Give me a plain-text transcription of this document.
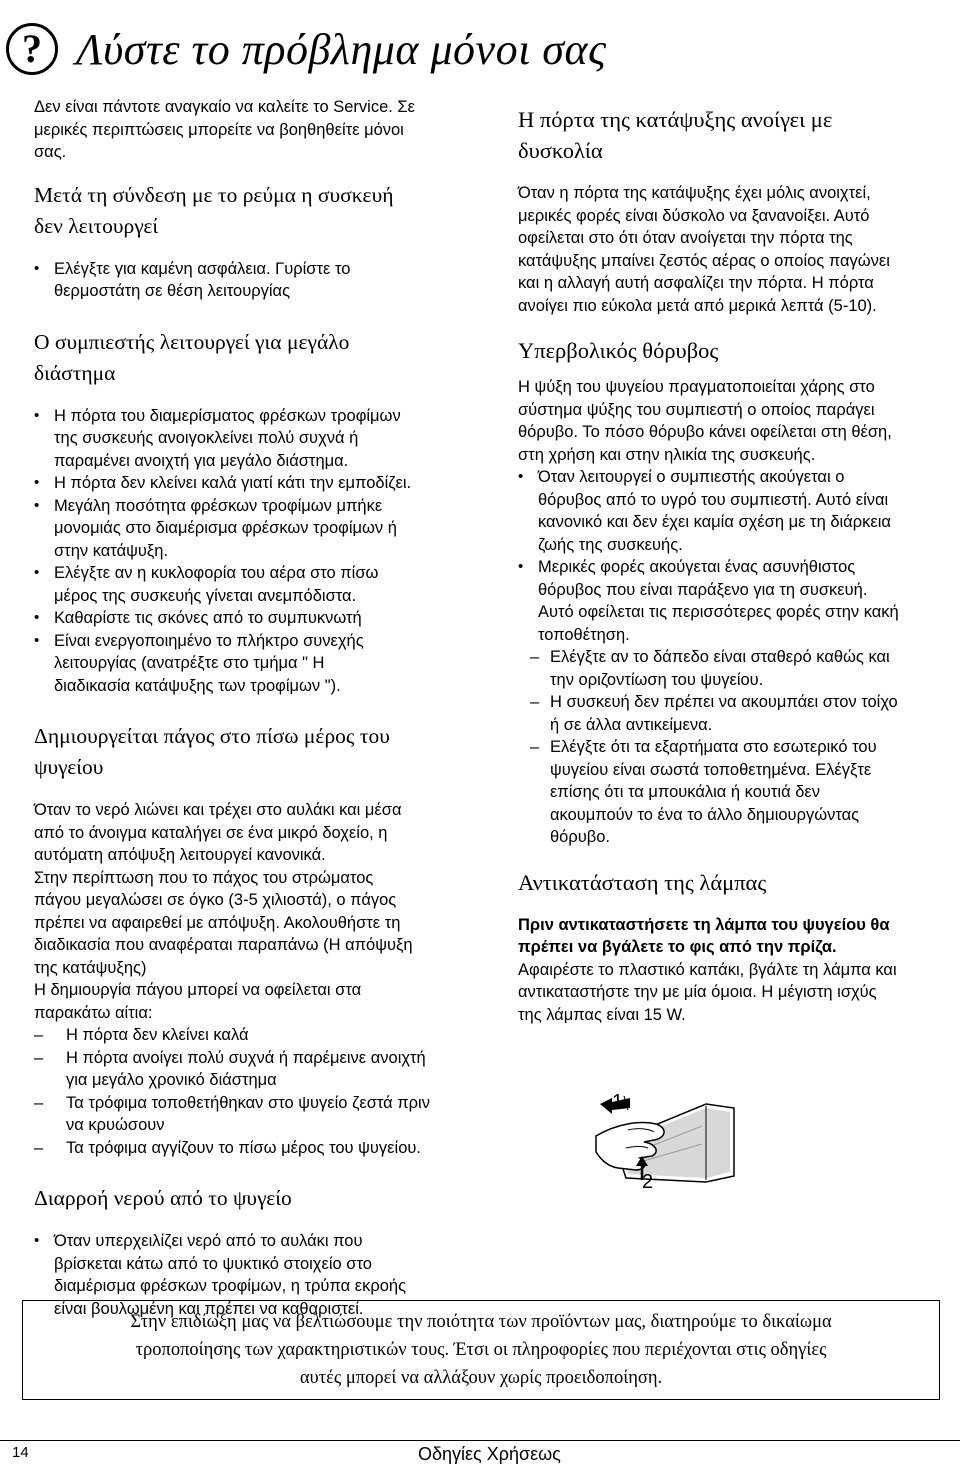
? Λύστε το πρόβλημα μόνοι σας

Δεν είναι πάντοτε αναγκαίο να καλείτε το Service. Σε
μερικές περιπτώσεις μπορείτε να βοηθηθείτε μόνοι
σας.

Μετά τη σύνδεση με το ρεύμα η συσκευή
δεν λειτουργεί
• Ελέγξτε για καμένη ασφάλεια. Γυρίστε το
θερμοστάτη σε θέση λειτουργίας
Ο συμπιεστής λειτουργεί για μεγάλο
διάστημα
• Η πόρτα του διαμερίσματος φρέσκων τροφίμων
της συσκευής ανοιγοκλείνει πολύ συχνά ή
παραμένει ανοιχτή για μεγάλο διάστημα.
• Η πόρτα δεν κλείνει καλά γιατί κάτι την εμποδίζει.
• Μεγάλη ποσότητα φρέσκων τροφίμων μπήκε
μονομιάς στο διαμέρισμα φρέσκων τροφίμων ή
στην κατάψυξη.
• Ελέγξτε αν η κυκλοφορία του αέρα στο πίσω
μέρος της συσκευής γίνεται ανεμπόδιστα.
• Καθαρίστε τις σκόνες από το συμπυκνωτή
• Είναι ενεργοποιημένο το πλήκτρο συνεχής
λειτουργίας (ανατρέξτε στο τμήμα " Η
διαδικασία κατάψυξης των τροφίμων ").
Δημιουργείται πάγος στο πίσω μέρος του
ψυγείου

Όταν το νερό λιώνει και τρέχει στο αυλάκι και μέσα
από το άνοιγμα καταλήγει σε ένα μικρό δοχείο, η
αυτόματη απόψυξη λειτουργεί κανονικά.
Στην περίπτωση που το πάχος του στρώματος
πάγου μεγαλώσει σε όγκο (3-5 χιλιοστά), ο πάγος
πρέπει να αφαιρεθεί με απόψυξη. Ακολουθήστε τη
διαδικασία που αναφέραται παραπάνω (Η απόψυξη
της κατάψυξης)
Η δημιουργία πάγου μπορεί να οφείλεται στα
παρακάτω αίτια:

– Η πόρτα δεν κλείνει καλά
– Η πόρτα ανοίγει πολύ συχνά ή παρέμεινε ανοιχτή
για μεγάλο χρονικό διάστημα
– Τα τρόφιμα τοποθετήθηκαν στο ψυγείο ζεστά πριν
να κρυώσουν
– Τα τρόφιμα αγγίζουν το πίσω μέρος του ψυγείου.
Διαρροή νερού από το ψυγείο
• Όταν υπερχειλίζει νερό από το αυλάκι που
βρίσκεται κάτω από το ψυκτικό στοιχείο στο
διαμέρισμα φρέσκων τροφίμων, η τρύπα εκροής
είναι βουλωμένη και πρέπει να καθαριστεί.
Η πόρτα της κατάψυξης ανοίγει με
δυσκολία

Όταν η πόρτα της κατάψυξης έχει μόλις ανοιχτεί,
μερικές φορές είναι δύσκολο να ξανανοίξει. Αυτό
οφείλεται στο ότι όταν ανοίγεται την πόρτα της
κατάψυξης μπαίνει ζεστός αέρας ο οποίος παγώνει
και η αλλαγή αυτή ασφαλίζει την πόρτα. Η πόρτα
ανοίγει πιο εύκολα μετά από μερικά λεπτά (5-10).

Υπερβολικός θόρυβος

Η ψύξη του ψυγείου πραγματοποιείται χάρης στο
σύστημα ψύξης του συμπιεστή ο οποίος παράγει
θόρυβο. Το πόσο θόρυβο κάνει οφείλεται στη θέση,
στη χρήση και στην ηλικία της συσκευής.

• Όταν λειτουργεί ο συμπιεστής ακούγεται ο
θόρυβος από το υγρό του συμπιεστή. Αυτό είναι
κανονικό και δεν έχει καμία σχέση με τη διάρκεια
ζωής της συσκευής.
• Μερικές φορές ακούγεται ένας ασυνήθιστος
θόρυβος που είναι παράξενο για τη συσκευή.
Αυτό οφείλεται τις περισσότερες φορές στην κακή
τοποθέτηση.
– Ελέγξτε αν το δάπεδο είναι σταθερό καθώς και
την οριζοντίωση του ψυγείου.
– Η συσκευή δεν πρέπει να ακουμπάει στον τοίχο
ή σε άλλα αντικείμενα.
– Ελέγξτε ότι τα εξαρτήματα στο εσωτερικό του
ψυγείου είναι σωστά τοποθετημένα. Ελέγξτε
επίσης ότι τα μπουκάλια ή κουτιά δεν
ακουμπούν το ένα το άλλο δημιουργώντας
θόρυβο.
Αντικατάσταση της λάμπας

Πριν αντικαταστήσετε τη λάμπα του ψυγείου θα
πρέπει να βγάλετε το φις από την πρίζα.

Αφαιρέστε το πλαστικό καπάκι, βγάλτε τη λάμπα και
αντικαταστήστε την με μία όμοια. Η μέγιστη ισχύς
της λάμπας είναι 15 W.

1
2
Στην επιδίωξη μας να βελτιώσουμε την ποιότητα των προϊόντων μας, διατηρούμε το δικαίωμα
τροποποίησης των χαρακτηριστικών τους. Έτσι οι πληροφορίες που περιέχονται στις οδηγίες
αυτές μπορεί να αλλάξουν χωρίς προειδοποίηση.
14	Οδηγίες Χρήσεως
